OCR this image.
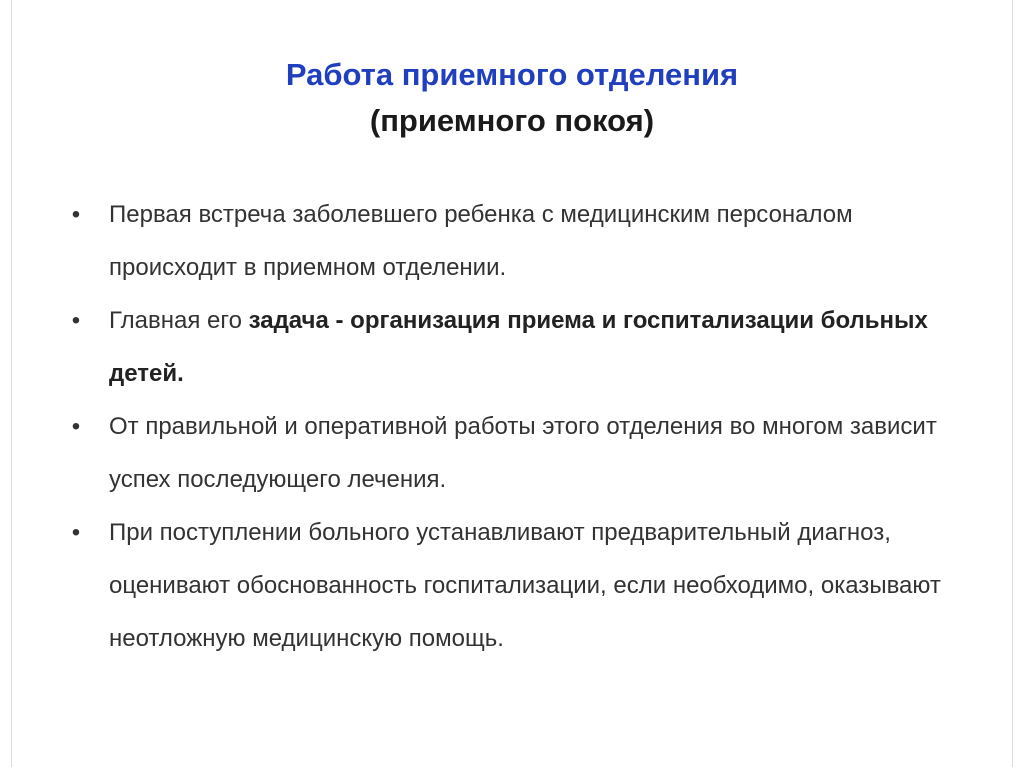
Работа приемного отделения
(приемного покоя)
• Первая встреча заболевшего ребенка с медицинским персоналом происходит в приемном отделении.
• Главная его задача - организация приема и госпитализации больных детей.
• От правильной и оперативной работы этого отделения во многом зависит успех последующего лечения.
• При поступлении больного устанавливают предварительный диагноз, оценивают обоснованность госпитализации, если необходимо, оказывают неотложную медицинскую помощь.
